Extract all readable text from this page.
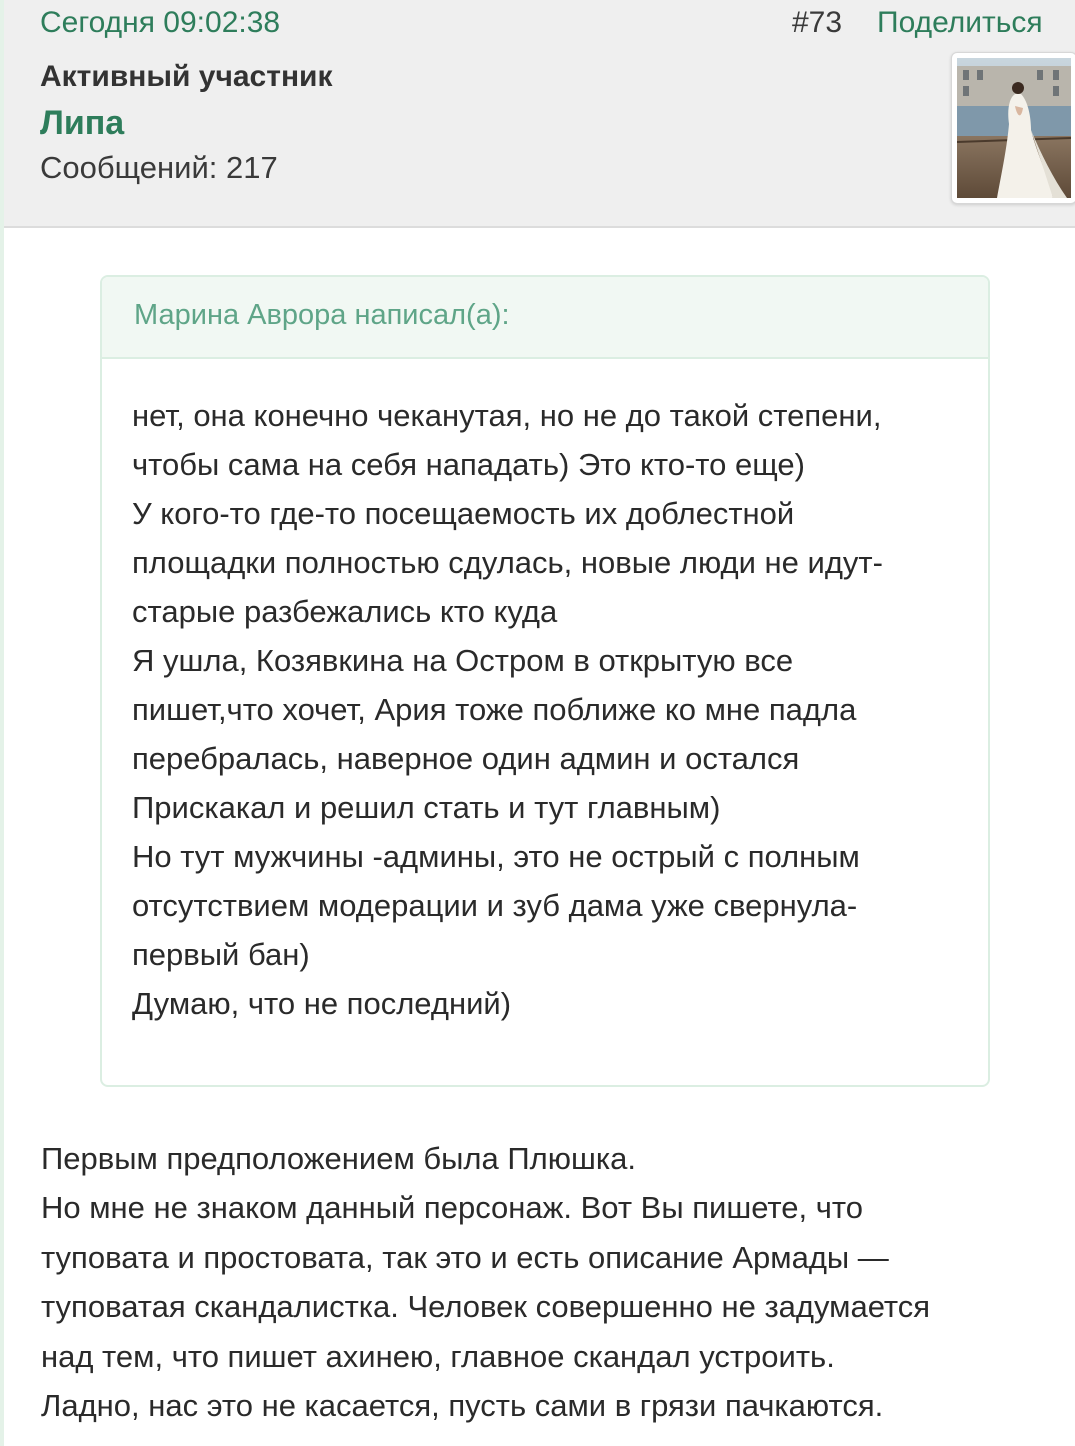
Сегодня 09:02:38	#73 Поделиться
Активный участник
Липа
Сообщений: 217
Марина Аврора написал(а):
нет, она конечно чеканутая, но не до такой степени,
чтобы сама на себя нападать) Это кто-то еще)
У кого-то где-то посещаемость их доблестной
площадки полностью сдулась, новые люди не идут-
старые разбежались кто куда
Я ушла, Козявкина на Остром в открытую все
пишет,что хочет, Ария тоже поближе ко мне падла
перебралась, наверное один админ и остался
Прискакал и решил стать и тут главным)
Но тут мужчины -админы, это не острый с полным
отсутствием модерации и зуб дама уже свернула-
первый бан)
Думаю, что не последний)
Первым предположением была Плюшка.
Но мне не знаком данный персонаж. Вот Вы пишете, что
туповата и простовата, так это и есть описание Армады —
туповатая скандалистка. Человек совершенно не задумается
над тем, что пишет ахинею, главное скандал устроить.
Ладно, нас это не касается, пусть сами в грязи пачкаются.
